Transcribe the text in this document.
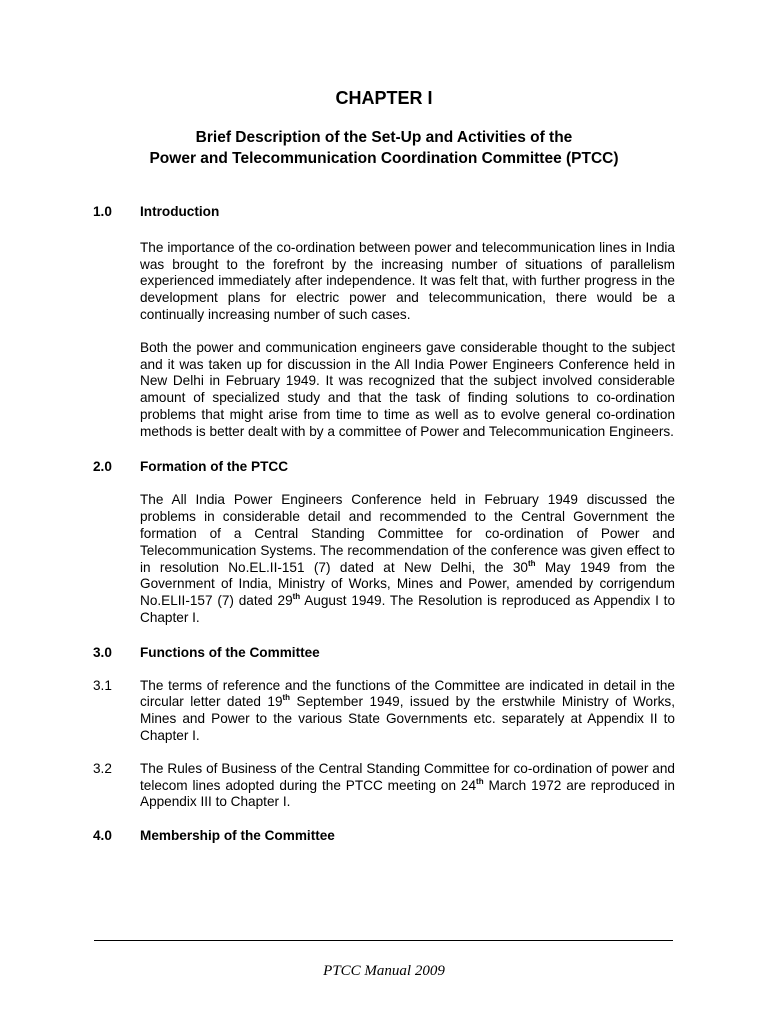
CHAPTER I
Brief Description of the Set-Up and Activities of the
Power and Telecommunication Coordination Committee (PTCC)
1.0	Introduction

The importance of the co-ordination between power and telecommunication lines in India was brought to the forefront by the increasing number of situations of parallelism experienced immediately after independence. It was felt that, with further progress in the development plans for electric power and telecommunication, there would be a continually increasing number of such cases.

Both the power and communication engineers gave considerable thought to the subject and it was taken up for discussion in the All India Power Engineers Conference held in New Delhi in February 1949. It was recognized that the subject involved considerable amount of specialized study and that the task of finding solutions to co-ordination problems that might arise from time to time as well as to evolve general co-ordination methods is better dealt with by a committee of Power and Telecommunication Engineers.

2.0	Formation of the PTCC

The All India Power Engineers Conference held in February 1949 discussed the problems in considerable detail and recommended to the Central Government the formation of a Central Standing Committee for co-ordination of Power and Telecommunication Systems. The recommendation of the conference was given effect to in resolution No.EL.II-151 (7) dated at New Delhi, the 30th May 1949 from the Government of India, Ministry of Works, Mines and Power, amended by corrigendum No.ELII-157 (7) dated 29th August 1949. The Resolution is reproduced as Appendix I to Chapter I.

3.0	Functions of the Committee
3.1	The terms of reference and the functions of the Committee are indicated in detail in the circular letter dated 19th September 1949, issued by the erstwhile Ministry of Works, Mines and Power to the various State Governments etc. separately at Appendix II to Chapter I.

3.2	The Rules of Business of the Central Standing Committee for co-ordination of power and telecom lines adopted during the PTCC meeting on 24th March 1972 are reproduced in Appendix III to Chapter I.

4.0	Membership of the Committee
PTCC Manual 2009
